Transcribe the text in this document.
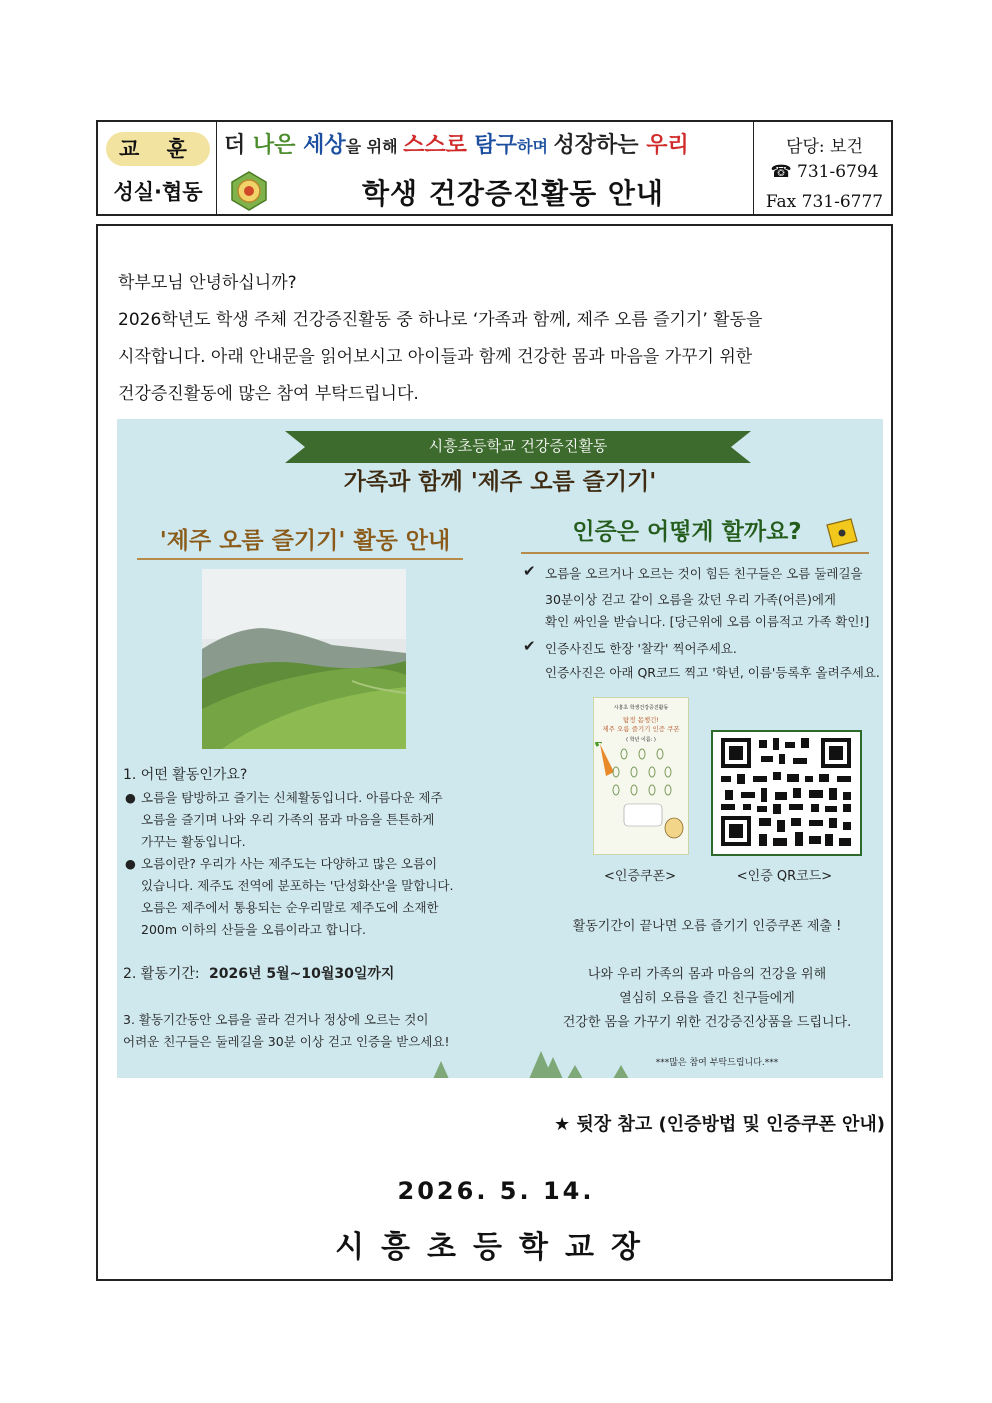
교 훈
성실·협동
더 나은 세상을 위해 스스로 탐구하며 성장하는 우리
학생 건강증진활동 안내
담당: 보건
☎ 731-6794
Fax 731-6777
학부모님 안녕하십니까?
2026학년도 학생 주체 건강증진활동 중 하나로 ‘가족과 함께, 제주 오름 즐기기’ 활동을
시작합니다. 아래 안내문을 읽어보시고 아이들과 함께 건강한 몸과 마음을 가꾸기 위한
건강증진활동에 많은 참여 부탁드립니다.
시흥초등학교 건강증진활동
가족과 함께 '제주 오름 즐기기'
'제주 오름 즐기기' 활동 안내	인증은 어떻게 할까요?
1. 어떤 활동인가요?
● 오름을 탐방하고 즐기는 신체활동입니다. 아름다운 제주
오름을 즐기며 나와 우리 가족의 몸과 마음을 튼튼하게
가꾸는 활동입니다.
● 오름이란? 우리가 사는 제주도는 다양하고 많은 오름이
있습니다. 제주도 전역에 분포하는 '단성화산'을 말합니다.
오름은 제주에서 통용되는 순우리말로 제주도에 소재한
200m 이하의 산들을 오름이라고 합니다.
2. 활동기간: 2026년 5월~10월30일까지
3. 활동기간동안 오름을 골라 걷거나 정상에 오르는 것이
어려운 친구들은 둘레길을 30분 이상 걷고 인증을 받으세요!
✔ 오름을 오르거나 오르는 것이 힘든 친구들은 오름 둘레길을
30분이상 걷고 같이 오름을 갔던 우리 가족(어른)에게
확인 싸인을 받습니다. [당근위에 오름 이름적고 가족 확인!]
✔ 인증사진도 한장 '찰칵' 찍어주세요.
인증사진은 아래 QR코드 찍고 '학년, 이름'등록후 올려주세요.
시흥초 학생건강증진활동
탐정 몸챙긴!
제주 오름 즐기기 인증 쿠폰
( 학년 이름: )
<인증쿠폰>	<인증 QR코드>
활동기간이 끝나면 오름 즐기기 인증쿠폰 제출 !
나와 우리 가족의 몸과 마음의 건강을 위해
열심히 오름을 즐긴 친구들에게
건강한 몸을 가꾸기 위한 건강증진상품을 드립니다.
***많은 참여 부탁드립니다.***
★ 뒷장 참고 (인증방법 및 인증쿠폰 안내)
2026. 5. 14.
시흥초등학교장
